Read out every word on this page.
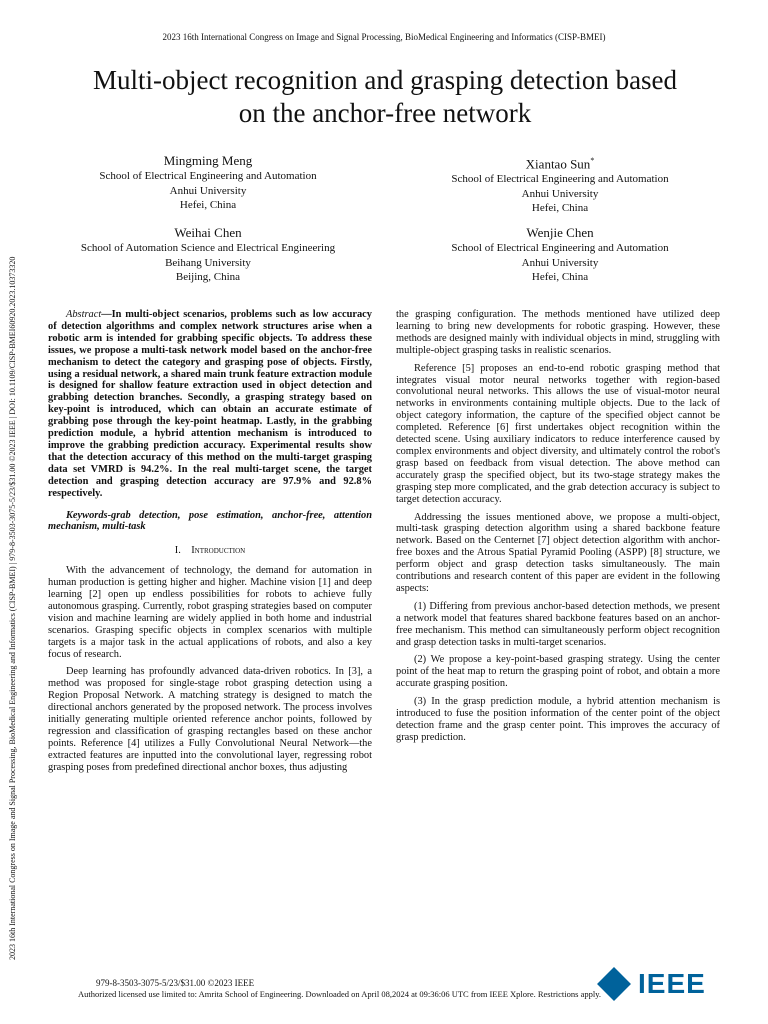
2023 16th International Congress on Image and Signal Processing, BioMedical Engineering and Informatics (CISP-BMEI)
Multi-object recognition and grasping detection based
on the anchor-free network
Mingming Meng
School of Electrical Engineering and Automation
Anhui University
Hefei, China
Xiantao Sun*
School of Electrical Engineering and Automation
Anhui University
Hefei, China
Weihai Chen
School of Automation Science and Electrical Engineering
Beihang University
Beijing, China
Wenjie Chen
School of Electrical Engineering and Automation
Anhui University
Hefei, China

Abstract—In multi-object scenarios, problems such as low accuracy of detection algorithms and complex network structures arise when a robotic arm is intended for grabbing specific objects. To address these issues, we propose a multi-task network model based on the anchor-free mechanism to detect the category and grasping pose of objects. Firstly, using a residual network, a shared main trunk feature extraction module is designed for shallow feature extraction used in object detection and grabbing detection branches. Secondly, a grasping strategy based on key-point is introduced, which can obtain an accurate estimate of grabbing pose through the key-point heatmap. Lastly, in the grabbing prediction module, a hybrid attention mechanism is introduced to improve the grabbing prediction accuracy. Experimental results show that the detection accuracy of this method on the multi-target grasping data set VMRD is 94.2%. In the real multi-target scene, the target detection and grasping detection accuracy are 97.9% and 92.8% respectively.

Keywords-grab detection, pose estimation, anchor-free, attention mechanism, multi-task

I. Introduction

With the advancement of technology, the demand for automation in human production is getting higher and higher. Machine vision [1] and deep learning [2] open up endless possibilities for robots to achieve fully autonomous grasping. Currently, robot grasping strategies based on computer vision and machine learning are widely applied in both home and industrial scenarios. Grasping specific objects in complex scenarios with multiple targets is a major task in the actual applications of robots, and also a key focus of research.

Deep learning has profoundly advanced data-driven robotics. In [3], a method was proposed for single-stage robot grasping detection using a Region Proposal Network. A matching strategy is designed to match the directional anchors generated by the proposed network. The process involves initially generating multiple oriented reference anchor points, followed by regression and classification of grasping rectangles based on these anchor points. Reference [4] utilizes a Fully Convolutional Neural Network—the extracted features are inputted into the convolutional layer, regressing robot grasping poses from predefined directional anchor boxes, thus adjusting

the grasping configuration. The methods mentioned have utilized deep learning to bring new developments for robotic grasping. However, these methods are designed mainly with individual objects in mind, struggling with multiple-object grasping tasks in realistic scenarios.

Reference [5] proposes an end-to-end robotic grasping method that integrates visual motor neural networks together with region-based convolutional neural networks. This allows the use of visual-motor neural networks in environments containing multiple objects. Due to the lack of object category information, the capture of the specified object cannot be completed. Reference [6] first undertakes object recognition within the detected scene. Using auxiliary indicators to reduce interference caused by complex environments and object diversity, and ultimately control the robot's grasp based on feedback from visual detection. The above method can accurately grasp the specified object, but its two-stage strategy makes the grasping step more complicated, and the grab detection accuracy is subject to target detection accuracy.

Addressing the issues mentioned above, we propose a multi-object, multi-task grasping detection algorithm using a shared backbone feature network. Based on the Centernet [7] object detection algorithm with anchor-free boxes and the Atrous Spatial Pyramid Pooling (ASPP) [8] structure, we perform object and grasp detection tasks simultaneously. The main contributions and research content of this paper are evident in the following aspects:

(1) Differing from previous anchor-based detection methods, we present a network model that features shared backbone features based on an anchor-free mechanism. This method can simultaneously perform object recognition and grasp detection tasks in multi-target scenarios.

(2) We propose a key-point-based grasping strategy. Using the center point of the heat map to return the grasping point of robot, and obtain a more accurate grasping position.

(3) In the grasp prediction module, a hybrid attention mechanism is introduced to fuse the position information of the center point of the object detection frame and the grasp center point. This improves the accuracy of grasp prediction.

2023 16th International Congress on Image and Signal Processing, BioMedical Engineering and Informatics (CISP-BMEI) | 979-8-3503-3075-5/23/$31.00 ©2023 IEEE | DOI: 10.1109/CISP-BMEI60920.2023.10373320
979-8-3503-3075-5/23/$31.00 ©2023 IEEE
Authorized licensed use limited to: Amrita School of Engineering. Downloaded on April 08,2024 at 09:36:06 UTC from IEEE Xplore. Restrictions apply. IEEE
